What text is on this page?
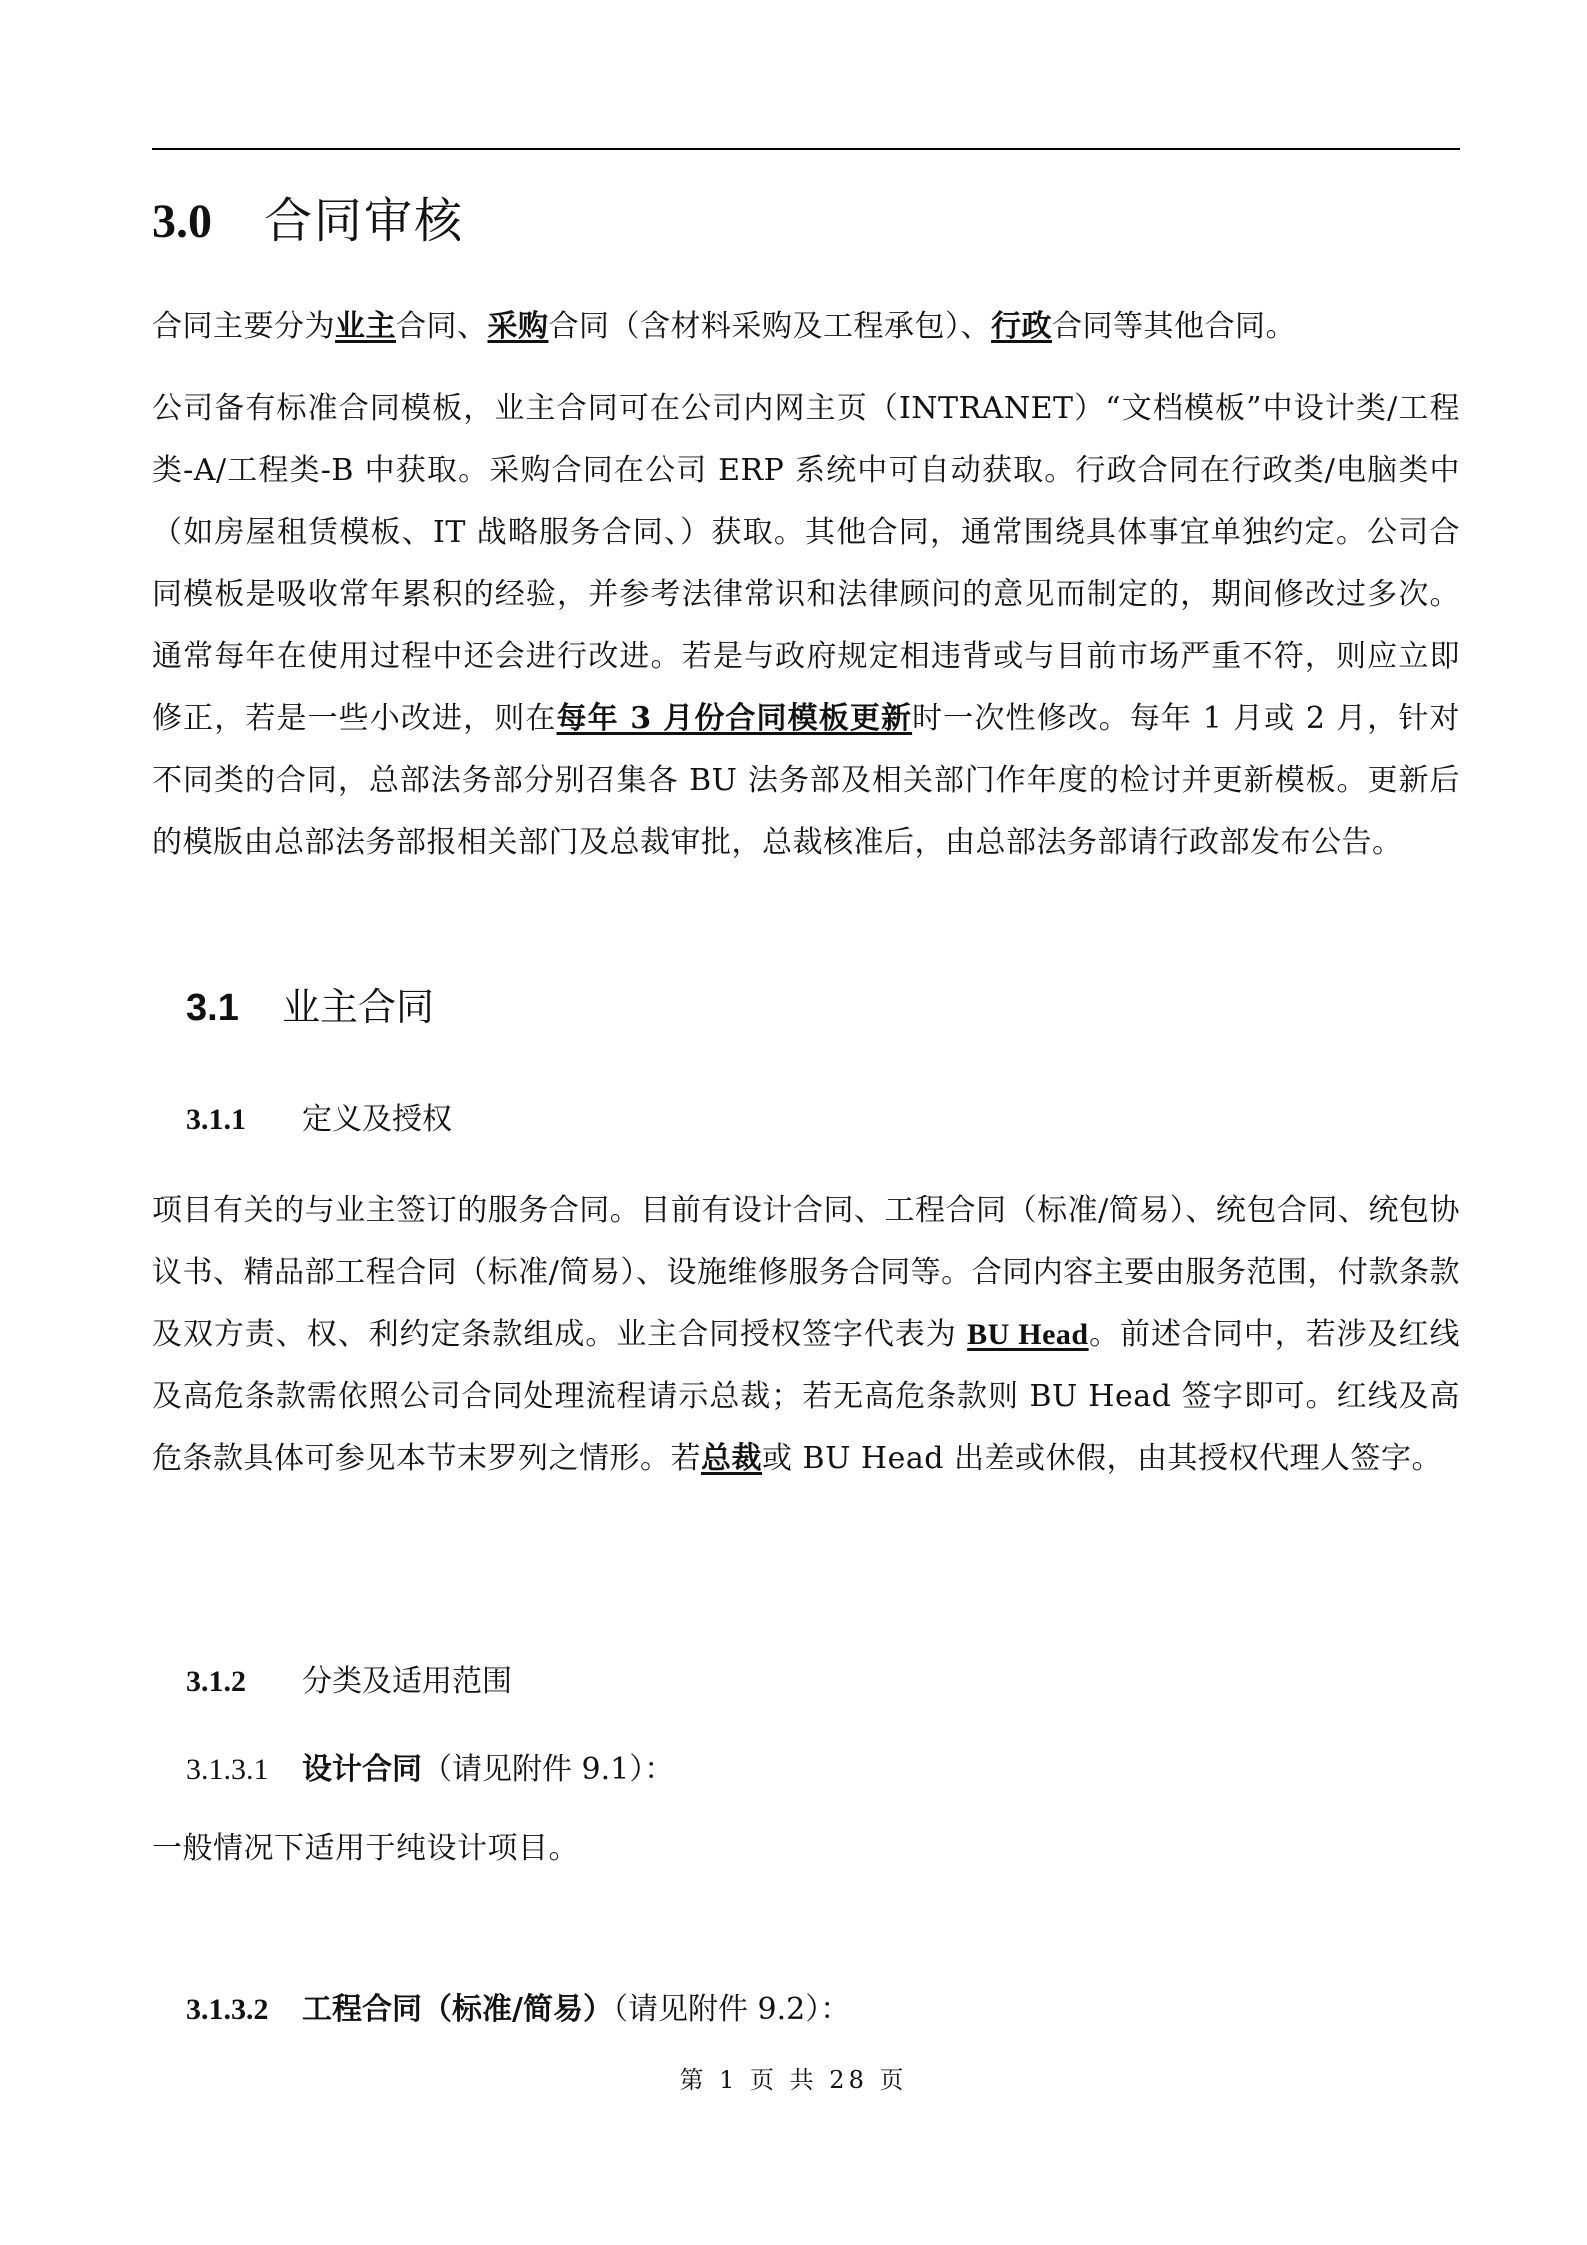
3.0 合同审核

合同主要分为业主合同、采购合同（含材料采购及工程承包）、行政合同等其他合同。

公司备有标准合同模板，业主合同可在公司内网主页（INTRANET）“文档模板”中设计类/工程类-A/工程类-B 中获取。采购合同在公司 ERP 系统中可自动获取。行政合同在行政类/电脑类中（如房屋租赁模板、IT 战略服务合同、）获取。其他合同，通常围绕具体事宜单独约定。公司合同模板是吸收常年累积的经验，并参考法律常识和法律顾问的意见而制定的，期间修改过多次。通常每年在使用过程中还会进行改进。若是与政府规定相违背或与目前市场严重不符，则应立即修正，若是一些小改进，则在每年 3 月份合同模板更新时一次性修改。每年 1 月或 2 月，针对不同类的合同，总部法务部分别召集各 BU 法务部及相关部门作年度的检讨并更新模板。更新后的模版由总部法务部报相关部门及总裁审批，总裁核准后，由总部法务部请行政部发布公告。

3.1 业主合同
3.1.1 定义及授权

项目有关的与业主签订的服务合同。目前有设计合同、工程合同（标准/简易）、统包合同、统包协议书、精品部工程合同（标准/简易）、设施维修服务合同等。合同内容主要由服务范围，付款条款及双方责、权、利约定条款组成。业主合同授权签字代表为 BU Head。前述合同中，若涉及红线及高危条款需依照公司合同处理流程请示总裁；若无高危条款则 BU Head 签字即可。红线及高危条款具体可参见本节末罗列之情形。若总裁或 BU Head 出差或休假，由其授权代理人签字。

3.1.2 分类及适用范围
3.1.3.1 设计合同（请见附件 9.1）：

一般情况下适用于纯设计项目。

3.1.3.2 工程合同（标准/简易）（请见附件 9.2）：
第 1 页 共 28 页
